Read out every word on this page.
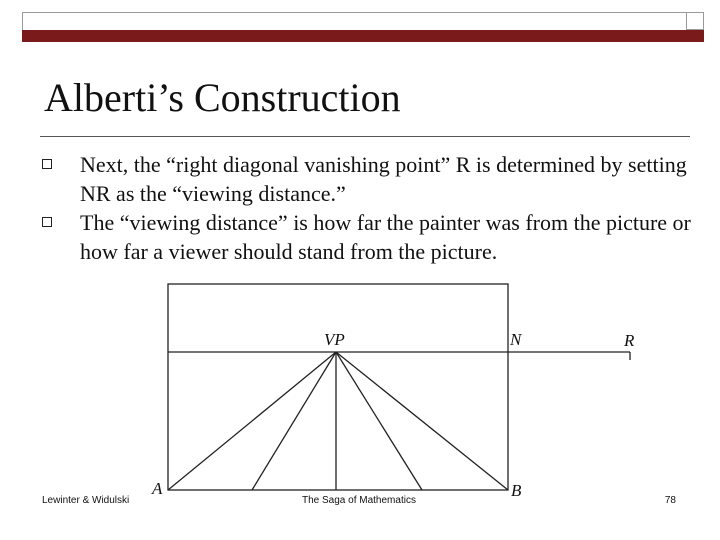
Alberti’s Construction
Next, the “right diagonal vanishing point” R is determined by setting NR as the “viewing distance.”
The “viewing distance” is how far the painter was from the picture or how far a viewer should stand from the picture.
VP	N	R
A	B
Lewinter & Widulski	The Saga of Mathematics	78
